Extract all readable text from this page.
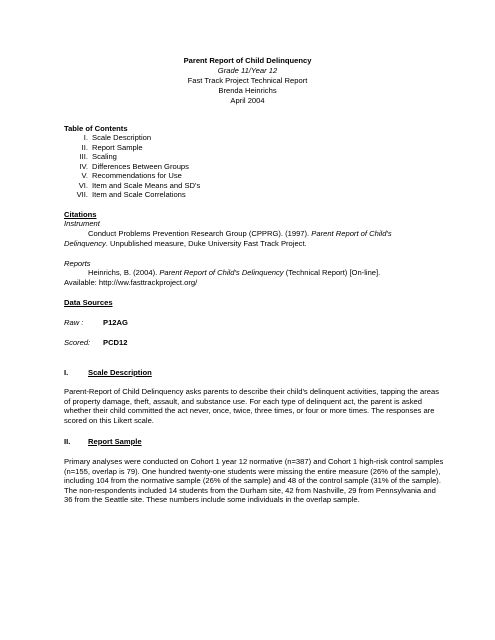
Parent Report of Child Delinquency
Grade 11/Year 12
Fast Track Project Technical Report
Brenda Heinrichs
April 2004
Table of Contents
I. Scale Description
II. Report Sample
III. Scaling
IV. Differences Between Groups
V. Recommendations for Use
VI. Item and Scale Means and SD's
VII. Item and Scale Correlations
Citations
Instrument
Conduct Problems Prevention Research Group (CPPRG). (1997). Parent Report of Child's
Delinquency. Unpublished measure, Duke University Fast Track Project.
Reports
Heinrichs, B. (2004). Parent Report of Child's Delinquency (Technical Report) [On-line].
Available: http://ww.fasttrackproject.org/
Data Sources
Raw :	P12AG
Scored: PCD12
I.	Scale Description
Parent-Report of Child Delinquency asks parents to describe their child's delinquent activities, tapping the areas of property damage, theft, assault, and substance use. For each type of delinquent act, the parent is asked whether their child committed the act never, once, twice, three times, or four or more times. The responses are scored on this Likert scale.
II. Report Sample
Primary analyses were conducted on Cohort 1 year 12 normative (n=387) and Cohort 1 high-risk control samples (n=155, overlap is 79). One hundred twenty-one students were missing the entire measure (26% of the sample), including 104 from the normative sample (26% of the sample) and 48 of the control sample (31% of the sample). The non-respondents included 14 students from the Durham site, 42 from Nashville, 29 from Pennsylvania and 36 from the Seattle site. These numbers include some individuals in the overlap sample.
